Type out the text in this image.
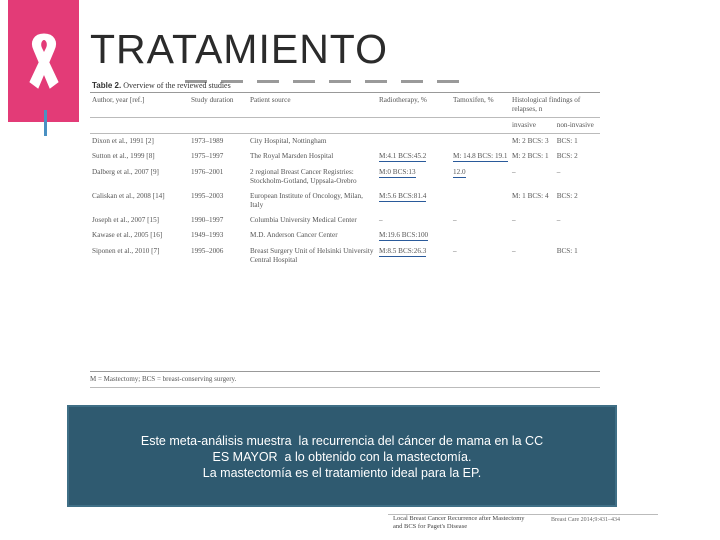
TRATAMIENTO
Table 2. Overview of the reviewed studies
Author, year [ref.]	Study duration	Patient source	Radiotherapy, %	Tamoxifen, %	Histological findings of relapses, n	
					invasive	non-invasive
Dixon et al., 1991 [2]	1973–1989	City Hospital, Nottingham			M: 2 BCS: 3	BCS: 1
Sutton et al., 1999 [8]	1975–1997	The Royal Marsden Hospital	M:4.1 BCS:45.2	M: 14.8 BCS: 19.1	M: 2 BCS: 1	BCS: 2
Dalberg et al., 2007 [9]	1976–2001	2 regional Breast Cancer Registries: Stockholm-Gotland, Uppsala-Orebro	M:0 BCS:13	12.0	–	–
Caliskan et al., 2008 [14]	1995–2003	European Institute of Oncology, Milan, Italy	M:5.6 BCS:81.4		M: 1 BCS: 4	BCS: 2
Joseph et al., 2007 [15]	1990–1997	Columbia University Medical Center	–	–	–	–
Kawase et al., 2005 [16]	1949–1993	M.D. Anderson Cancer Center	M:19.6 BCS:100			
Siponen et al., 2010 [7]	1995–2006	Breast Surgery Unit of Helsinki University Central Hospital	M:8.5 BCS:26.3	–	–	BCS: 1
M = Mastectomy; BCS = breast-conserving surgery.
Este meta-análisis muestra  la recurrencia del cáncer de mama en la CC
ES MAYOR  a lo obtenido con la mastectomía.
La mastectomía es el tratamiento ideal para la EP.
Local Breast Cancer Recurrence after Mastectomy and BCS for Paget's Disease
Breast Care 2014;9:431–434
